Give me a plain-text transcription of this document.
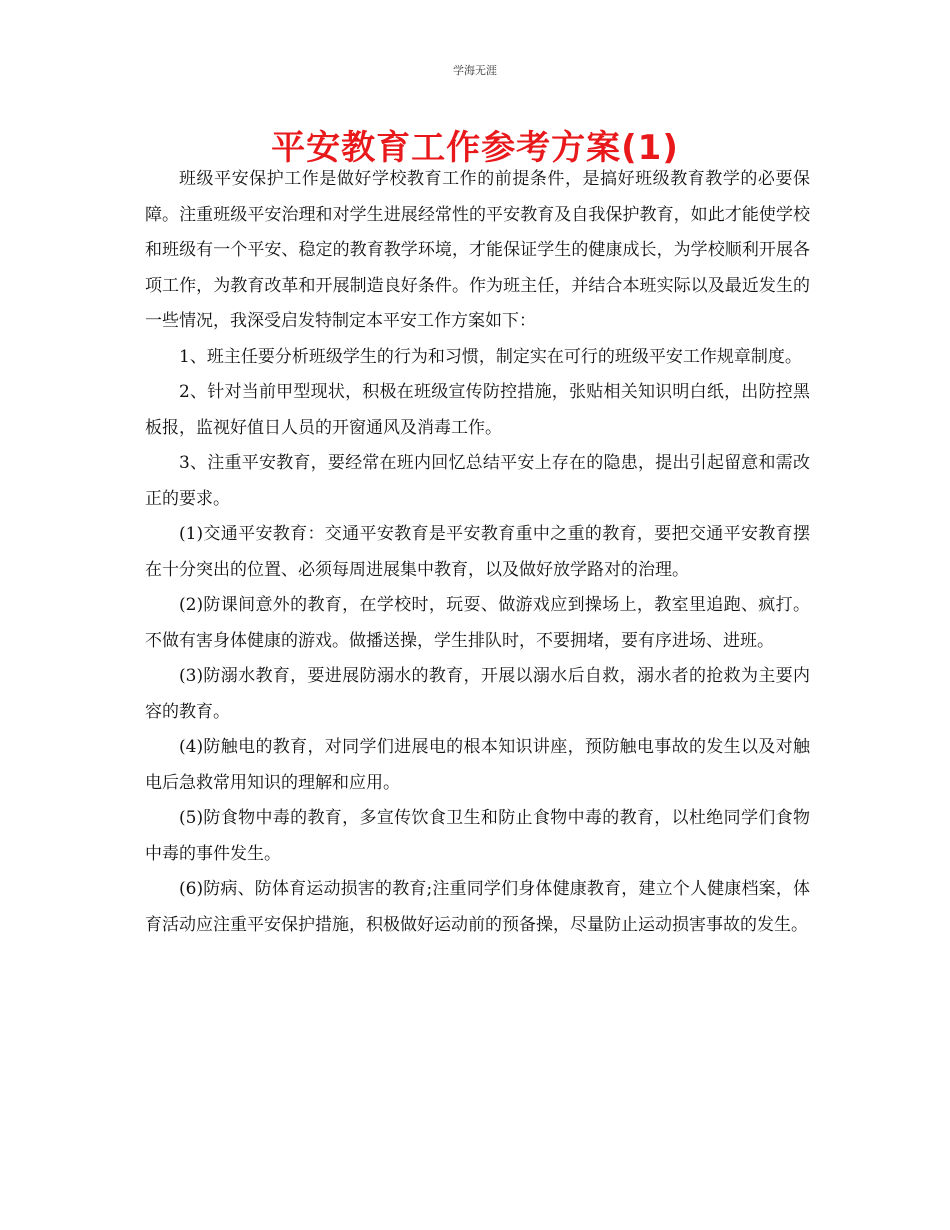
学海无涯
平安教育工作参考方案(1)

班级平安保护工作是做好学校教育工作的前提条件，是搞好班级教育教学的必要保障。注重班级平安治理和对学生进展经常性的平安教育及自我保护教育，如此才能使学校和班级有一个平安、稳定的教育教学环境，才能保证学生的健康成长，为学校顺利开展各项工作，为教育改革和开展制造良好条件。作为班主任，并结合本班实际以及最近发生的一些情况，我深受启发特制定本平安工作方案如下：

1、班主任要分析班级学生的行为和习惯，制定实在可行的班级平安工作规章制度。

2、针对当前甲型现状，积极在班级宣传防控措施，张贴相关知识明白纸，出防控黑板报，监视好值日人员的开窗通风及消毒工作。

3、注重平安教育，要经常在班内回忆总结平安上存在的隐患，提出引起留意和需改正的要求。

(1)交通平安教育：交通平安教育是平安教育重中之重的教育，要把交通平安教育摆在十分突出的位置、必须每周进展集中教育，以及做好放学路对的治理。

(2)防课间意外的教育，在学校时，玩耍、做游戏应到操场上，教室里追跑、疯打。不做有害身体健康的游戏。做播送操，学生排队时，不要拥堵，要有序进场、进班。

(3)防溺水教育，要进展防溺水的教育，开展以溺水后自救，溺水者的抢救为主要内容的教育。

(4)防触电的教育，对同学们进展电的根本知识讲座，预防触电事故的发生以及对触电后急救常用知识的理解和应用。

(5)防食物中毒的教育，多宣传饮食卫生和防止食物中毒的教育，以杜绝同学们食物中毒的事件发生。

(6)防病、防体育运动损害的教育;注重同学们身体健康教育，建立个人健康档案，体育活动应注重平安保护措施，积极做好运动前的预备操，尽量防止运动损害事故的发生。
